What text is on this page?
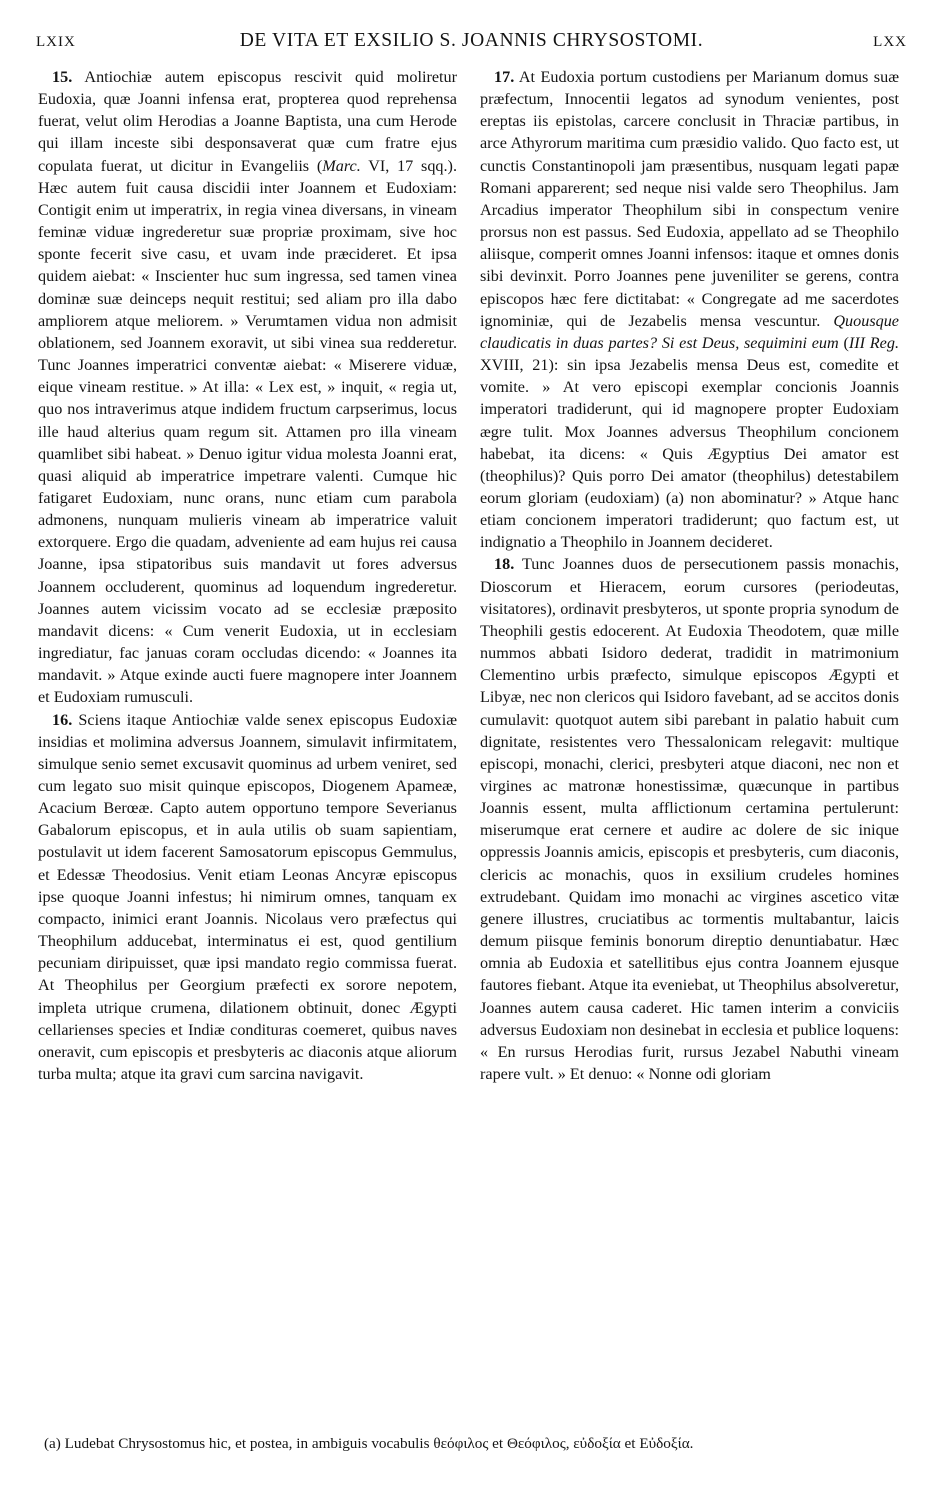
LXIX	DE VITA ET EXSILIO S. JOANNIS CHRYSOSTOMI.	LXX

15. Antiochiæ autem episcopus rescivit quid moliretur Eudoxia, quæ Joanni infensa erat, propterea quod reprehensa fuerat, velut olim Herodias a Joanne Baptista, una cum Herode qui illam inceste sibi desponsaverat quæ cum fratre ejus copulata fuerat, ut dicitur in Evangeliis (Marc. VI, 17 sqq.). Hæc autem fuit causa discidii inter Joannem et Eudoxiam: Contigit enim ut imperatrix, in regia vinea diversans, in vineam feminæ viduæ ingrederetur suæ propriæ proximam, sive hoc sponte fecerit sive casu, et uvam inde præcideret. Et ipsa quidem aiebat: « Inscienter huc sum ingressa, sed tamen vinea dominæ suæ deinceps nequit restitui; sed aliam pro illa dabo ampliorem atque meliorem. » Verumtamen vidua non admisit oblationem, sed Joannem exoravit, ut sibi vinea sua redderetur. Tunc Joannes imperatrici conventæ aiebat: « Miserere viduæ, eique vineam restitue. » At illa: « Lex est, » inquit, « regia ut, quo nos intraverimus atque indidem fructum carpserimus, locus ille haud alterius quam regum sit. Attamen pro illa vineam quamlibet sibi habeat. » Denuo igitur vidua molesta Joanni erat, quasi aliquid ab imperatrice impetrare valenti. Cumque hic fatigaret Eudoxiam, nunc orans, nunc etiam cum parabola admonens, nunquam mulieris vineam ab imperatrice valuit extorquere. Ergo die quadam, adveniente ad eam hujus rei causa Joanne, ipsa stipatoribus suis mandavit ut fores adversus Joannem occluderent, quominus ad loquendum ingrederetur. Joannes autem vicissim vocato ad se ecclesiæ præposito mandavit dicens: « Cum venerit Eudoxia, ut in ecclesiam ingrediatur, fac januas coram occludas dicendo: « Joannes ita mandavit. » Atque exinde aucti fuere magnopere inter Joannem et Eudoxiam rumusculi.

16. Sciens itaque Antiochiæ valde senex episcopus Eudoxiæ insidias et molimina adversus Joannem, simulavit infirmitatem, simulque senio semet excusavit quominus ad urbem veniret, sed cum legato suo misit quinque episcopos, Diogenem Apameæ, Acacium Berœæ. Capto autem opportuno tempore Severianus Gabalorum episcopus, et in aula utilis ob suam sapientiam, postulavit ut idem facerent Samosatorum episcopus Gemmulus, et Edessæ Theodosius. Venit etiam Leonas Ancyræ episcopus ipse quoque Joanni infestus; hi nimirum omnes, tanquam ex compacto, inimici erant Joannis. Nicolaus vero præfectus qui Theophilum adducebat, interminatus ei est, quod gentilium pecuniam diripuisset, quæ ipsi mandato regio commissa fuerat. At Theophilus per Georgium præfecti ex sorore nepotem, impleta utrique crumena, dilationem obtinuit, donec Ægypti cellarienses species et Indiæ condituras coemeret, quibus naves oneravit, cum episcopis et presbyteris ac diaconis atque aliorum turba multa; atque ita gravi cum sarcina navigavit.

17. At Eudoxia portum custodiens per Marianum domus suæ præfectum, Innocentii legatos ad synodum venientes, post ereptas iis epistolas, carcere conclusit in Thraciæ partibus, in arce Athyrorum maritima cum præsidio valido. Quo facto est, ut cunctis Constantinopoli jam præsentibus, nusquam legati papæ Romani apparerent; sed neque nisi valde sero Theophilus. Jam Arcadius imperator Theophilum sibi in conspectum venire prorsus non est passus. Sed Eudoxia, appellato ad se Theophilo aliisque, comperit omnes Joanni infensos: itaque et omnes donis sibi devinxit. Porro Joannes pene juveniliter se gerens, contra episcopos hæc fere dictitabat: « Congregate ad me sacerdotes ignominiæ, qui de Jezabelis mensa vescuntur. Quousque claudicatis in duas partes? Si est Deus, sequimini eum (III Reg. XVIII, 21): sin ipsa Jezabelis mensa Deus est, comedite et vomite. » At vero episcopi exemplar concionis Joannis imperatori tradiderunt, qui id magnopere propter Eudoxiam ægre tulit. Mox Joannes adversus Theophilum concionem habebat, ita dicens: « Quis Ægyptius Dei amator est (theophilus)? Quis porro Dei amator (theophilus) detestabilem eorum gloriam (eudoxiam) (a) non abominatur? » Atque hanc etiam concionem imperatori tradiderunt; quo factum est, ut indignatio a Theophilo in Joannem decideret.

18. Tunc Joannes duos de persecutionem passis monachis, Dioscorum et Hieracem, eorum cursores (periodeutas, visitatores), ordinavit presbyteros, ut sponte propria synodum de Theophili gestis edocerent. At Eudoxia Theodotem, quæ mille nummos abbati Isidoro dederat, tradidit in matrimonium Clementino urbis præfecto, simulque episcopos Ægypti et Libyæ, nec non clericos qui Isidoro favebant, ad se accitos donis cumulavit: quotquot autem sibi parebant in palatio habuit cum dignitate, resistentes vero Thessalonicam relegavit: multique episcopi, monachi, clerici, presbyteri atque diaconi, nec non et virgines ac matronæ honestissimæ, quæcunque in partibus Joannis essent, multa afflictionum certamina pertulerunt: miserumque erat cernere et audire ac dolere de sic inique oppressis Joannis amicis, episcopis et presbyteris, cum diaconis, clericis ac monachis, quos in exsilium crudeles homines extrudebant. Quidam imo monachi ac virgines ascetico vitæ genere illustres, cruciatibus ac tormentis multabantur, laicis demum piisque feminis bonorum direptio denuntiabatur. Hæc omnia ab Eudoxia et satellitibus ejus contra Joannem ejusque fautores fiebant. Atque ita eveniebat, ut Theophilus absolveretur, Joannes autem causa caderet. Hic tamen interim a conviciis adversus Eudoxiam non desinebat in ecclesia et publice loquens: « En rursus Herodias furit, rursus Jezabel Nabuthi vineam rapere vult. » Et denuo: « Nonne odi gloriam

(a) Ludebat Chrysostomus hic, et postea, in ambiguis vocabulis θεόφιλος et Θεόφιλος, εὐδοξία et Εὐδοξία.
